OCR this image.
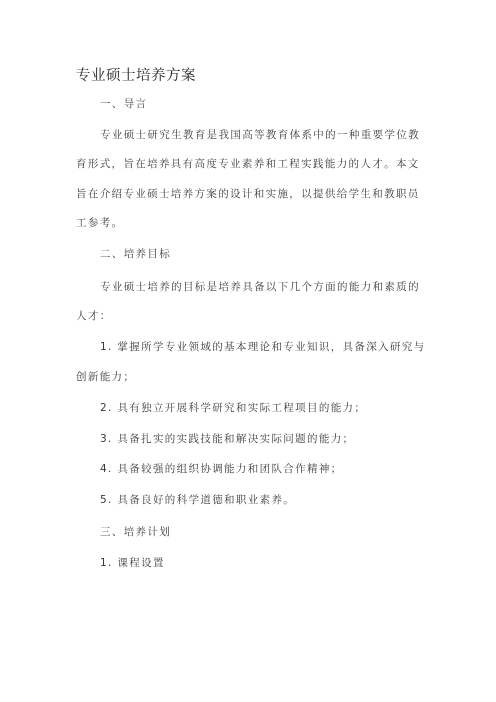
专业硕士培养方案
一、导言
专业硕士研究生教育是我国高等教育体系中的一种重要学位教
育形式，旨在培养具有高度专业素养和工程实践能力的人才。本文
旨在介绍专业硕士培养方案的设计和实施，以提供给学生和教职员
工参考。
二、培养目标
专业硕士培养的目标是培养具备以下几个方面的能力和素质的
人才：
1. 掌握所学专业领域的基本理论和专业知识，具备深入研究与
创新能力；
2. 具有独立开展科学研究和实际工程项目的能力；
3. 具备扎实的实践技能和解决实际问题的能力；
4. 具备较强的组织协调能力和团队合作精神；
5. 具备良好的科学道德和职业素养。
三、培养计划
1. 课程设置
